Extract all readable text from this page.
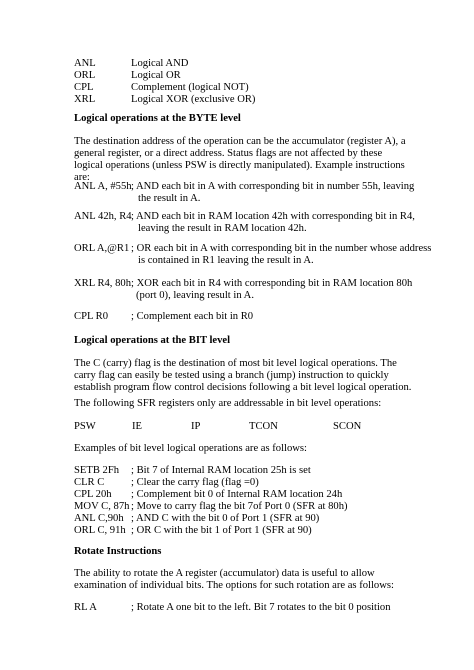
ANL	Logical AND
ORL	Logical OR
CPL	Complement (logical NOT)
XRL	Logical XOR (exclusive OR)
Logical operations at the BYTE level
The destination address of the operation can be the accumulator (register A), a general register, or a direct address. Status flags are not affected by these logical operations (unless PSW is directly manipulated). Example instructions are:
ANL A, #55h ; AND each bit in A with corresponding bit in number 55h, leaving
the result in A.
ANL 42h, R4 ; AND each bit in RAM location 42h with corresponding bit in R4,
leaving the result in RAM location 42h.
ORL A,@R1 ; OR each bit in A with corresponding bit in the number whose address
is contained in R1 leaving the result in A.
XRL R4, 80h ; XOR each bit in R4 with corresponding bit in RAM location 80h
(port 0), leaving result in A.
CPL R0 ; Complement each bit in R0
Logical operations at the BIT level
The C (carry) flag is the destination of most bit level logical operations. The carry flag can easily be tested using a branch (jump) instruction to quickly establish program flow control decisions following a bit level logical operation.
The following SFR registers only are addressable in bit level operations:
PSW	IE	IP	TCON	SCON
Examples of bit level logical operations are as follows:
SETB 2Fh ; Bit 7 of Internal RAM location 25h is set
CLR C	; Clear the carry flag (flag =0)
CPL 20h ; Complement bit 0 of Internal RAM location 24h
MOV C, 87h ; Move to carry flag the bit 7of Port 0 (SFR at 80h)
ANL C,90h ; AND C with the bit 0 of Port 1 (SFR at 90)
ORL C, 91h ; OR C with the bit 1 of Port 1 (SFR at 90)
Rotate Instructions
The ability to rotate the A register (accumulator) data is useful to allow examination of individual bits. The options for such rotation are as follows:
RL A	; Rotate A one bit to the left. Bit 7 rotates to the bit 0 position
